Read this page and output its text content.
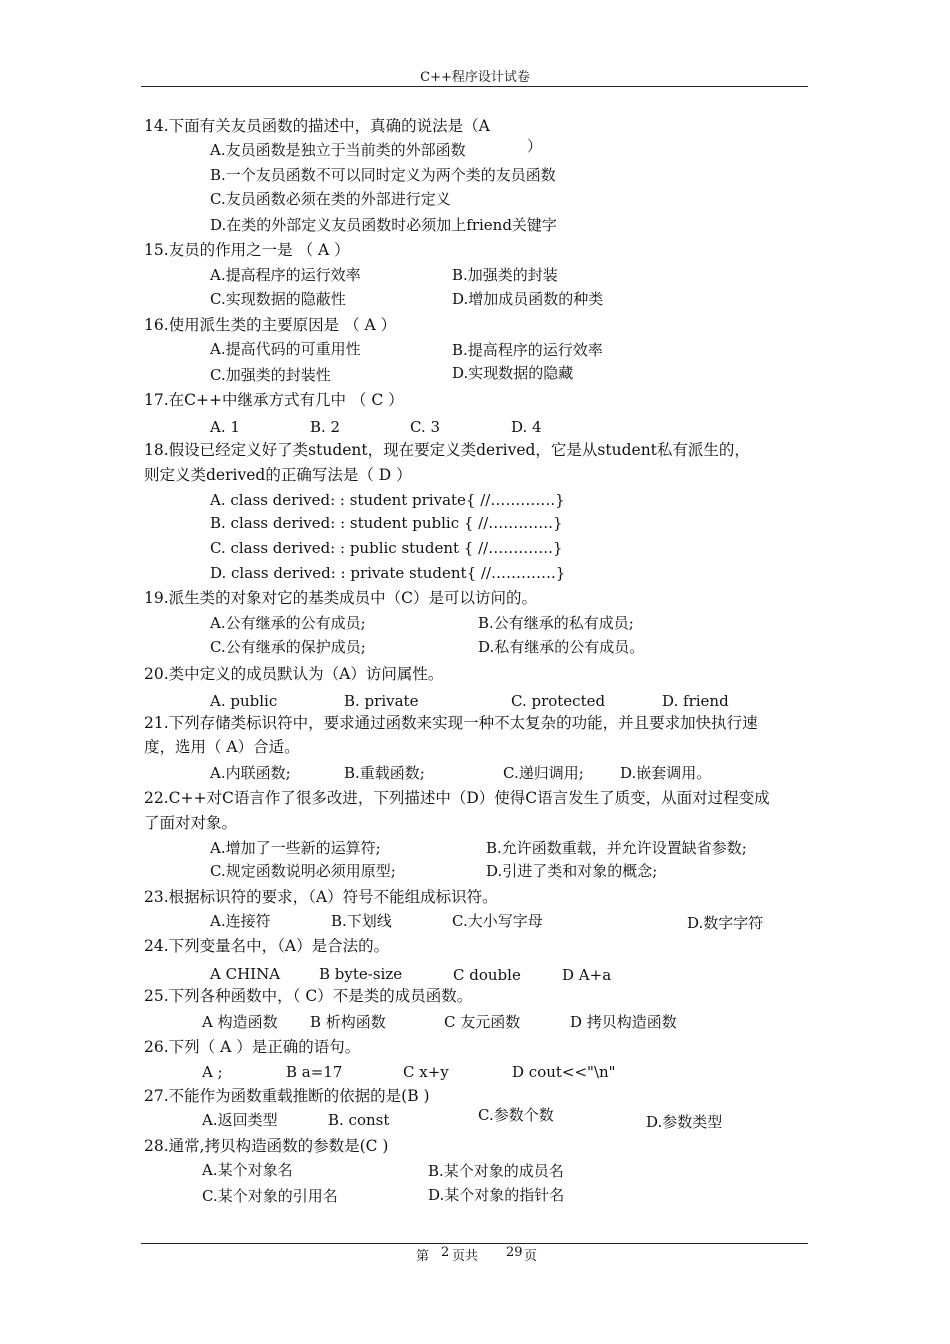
C++程序设计试卷
14.下面有关友员函数的描述中，真确的说法是（A
A.友员函数是独立于当前类的外部函数	）
B.一个友员函数不可以同时定义为两个类的友员函数
C.友员函数必须在类的外部进行定义
D.在类的外部定义友员函数时必须加上friend关键字
15.友员的作用之一是 （ A ）
A.提高程序的运行效率	B.加强类的封装
C.实现数据的隐蔽性	D.增加成员函数的种类
16.使用派生类的主要原因是 （ A ）
A.提高代码的可重用性	B.提高程序的运行效率
C.加强类的封装性	D.实现数据的隐藏
17.在C++中继承方式有几中 （ C ）
A. 1	B. 2	C. 3	D. 4
18.假设已经定义好了类student，现在要定义类derived，它是从student私有派生的，
则定义类derived的正确写法是（ D ）
A. class derived: : student private{ //………….}
B. class derived: : student public { //………….}
C. class derived: : public student { //………….}
D. class derived: : private student{ //………….}
19.派生类的对象对它的基类成员中（C）是可以访问的。
A.公有继承的公有成员;	B.公有继承的私有成员;
C.公有继承的保护成员;	D.私有继承的公有成员。
20.类中定义的成员默认为（A）访问属性。
A. public	B. private	C. protected	D. friend
21.下列存储类标识符中，要求通过函数来实现一种不太复杂的功能，并且要求加快执行速
度，选用（ A）合适。
A.内联函数;	B.重载函数;	C.递归调用; D.嵌套调用。
22.C++对C语言作了很多改进，下列描述中（D）使得C语言发生了质变，从面对过程变成
了面对对象。
A.增加了一些新的运算符;	B.允许函数重载，并允许设置缺省参数;
C.规定函数说明必须用原型;	D.引进了类和对象的概念;
23.根据标识符的要求，（A）符号不能组成标识符。
A.连接符	B.下划线	C.大小写字母	D.数字字符
24.下列变量名中，（A）是合法的。
A CHINA	B byte-size	C double	D A+a
25.下列各种函数中，（ C）不是类的成员函数。
A 构造函数 B 析构函数	C 友元函数	D 拷贝构造函数
26.下列（ A ）是正确的语句。
A ;	B a=17	C x+y	D cout<<"\n"
27.不能作为函数重载推断的依据的是(B )
A.返回类型	B. const	C.参数个数	D.参数类型
28.通常,拷贝构造函数的参数是(C )
A.某个对象名	B.某个对象的成员名
C.某个对象的引用名	D.某个对象的指针名
第 2 页共 29 页
